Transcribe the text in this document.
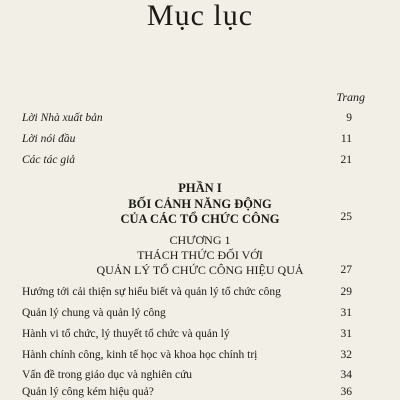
Mục lục
Trang
Lời Nhà xuất bản	9
Lời nói đầu	11
Các tác giả	21
PHẦN I
BỐI CẢNH NĂNG ĐỘNG
CỦA CÁC TỔ CHỨC CÔNG	25
CHƯƠNG 1
THÁCH THỨC ĐỐI VỚI
QUẢN LÝ TỔ CHỨC CÔNG HIỆU QUẢ	27
Hướng tới cải thiện sự hiểu biết và quản lý tổ chức công	29
Quản lý chung và quản lý công	31
Hành vi tổ chức, lý thuyết tổ chức và quản lý	31
Hành chính công, kinh tế học và khoa học chính trị	32
Vấn đề trong giáo dục và nghiên cứu	34
Quản lý công kém hiệu quả?	36
